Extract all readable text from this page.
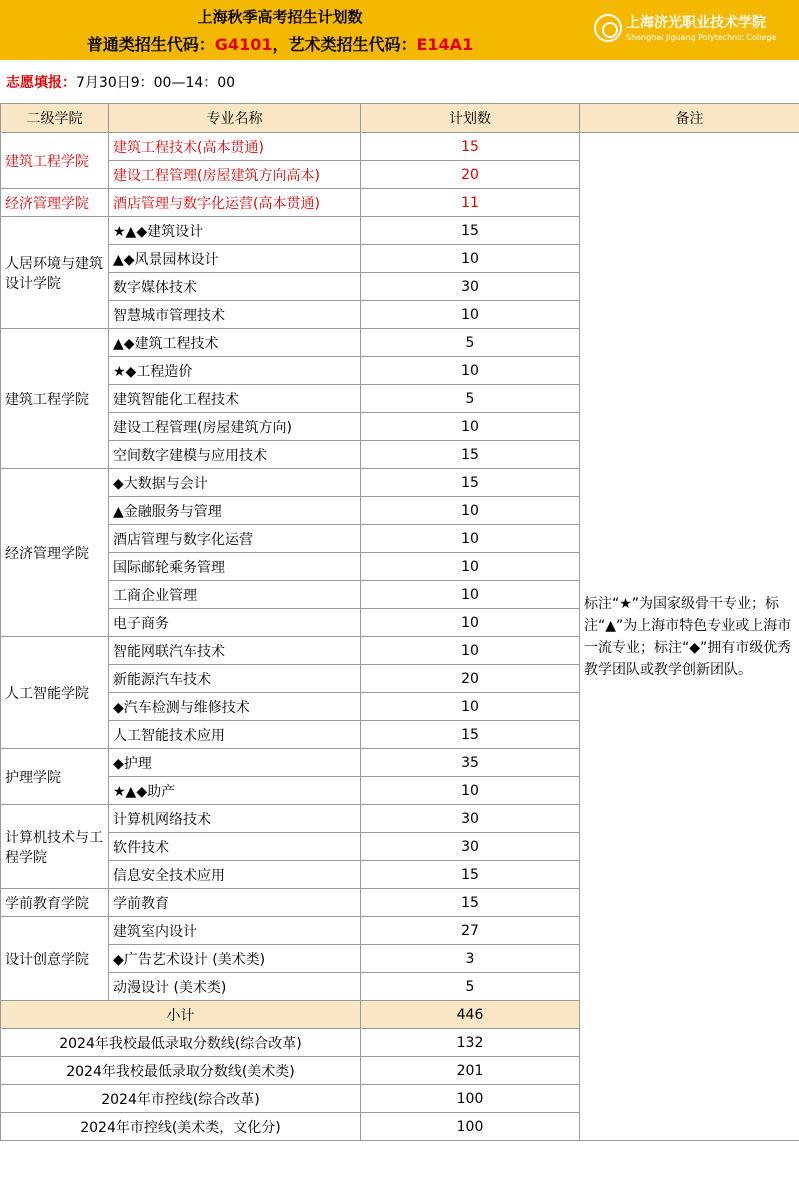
上海秋季高考招生计划数
普通类招生代码：G4101，艺术类招生代码：E14A1
上海济光职业技术学院
Shanghai Jiguang Polytechnic College
志愿填报：7月30日9：00—14：00
二级学院	专业名称	计划数	备注
建筑工程学院	建筑工程技术(高本贯通)	15	标注“★”为国家级骨干专业；标注“▲”为上海市特色专业或上海市一流专业；标注“◆”拥有市级优秀教学团队或教学创新团队。
	建设工程管理(房屋建筑方向高本)	20	
经济管理学院	酒店管理与数字化运营(高本贯通)	11	
人居环境与建筑设计学院	★▲◆建筑设计	15	
	▲◆风景园林设计	10	
	数字媒体技术	30	
	智慧城市管理技术	10	
建筑工程学院	▲◆建筑工程技术	5	
	★◆工程造价	10	
	建筑智能化工程技术	5	
	建设工程管理(房屋建筑方向)	10	
	空间数字建模与应用技术	15	
经济管理学院	◆大数据与会计	15	
	▲金融服务与管理	10	
	酒店管理与数字化运营	10	
	国际邮轮乘务管理	10	
	工商企业管理	10	
	电子商务	10	
人工智能学院	智能网联汽车技术	10	
	新能源汽车技术	20	
	◆汽车检测与维修技术	10	
	人工智能技术应用	15	
护理学院	◆护理	35	
	★▲◆助产	10	
计算机技术与工程学院	计算机网络技术	30	
	软件技术	30	
	信息安全技术应用	15	
学前教育学院	学前教育	15	
设计创意学院	建筑室内设计	27	
	◆广告艺术设计 (美术类)	3	
	动漫设计 (美术类)	5	
小计		446	
2024年我校最低录取分数线(综合改革)		132	
2024年我校最低录取分数线(美术类)		201	
2024年市控线(综合改革)		100	
2024年市控线(美术类，文化分)		100	
